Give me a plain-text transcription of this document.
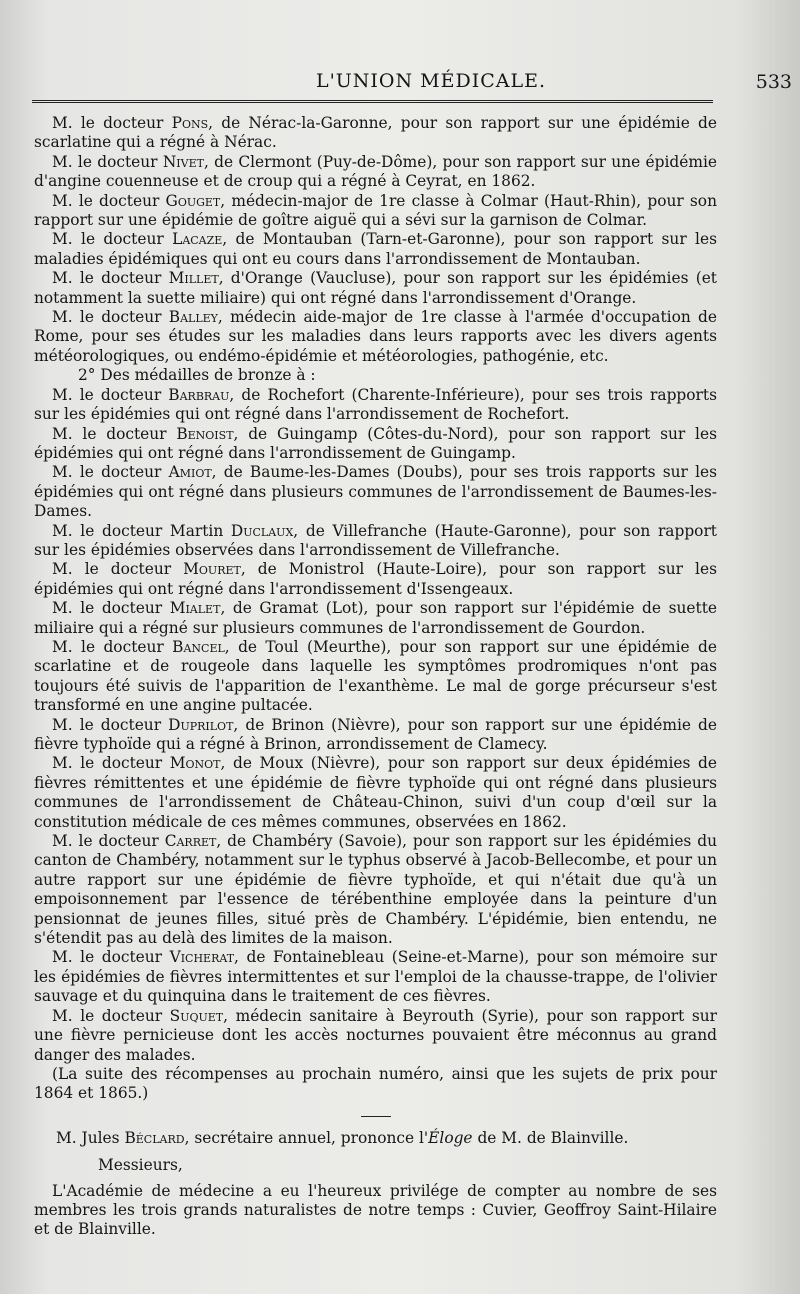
L'UNION MÉDICALE.	533

M. le docteur Pons, de Nérac-la-Garonne, pour son rapport sur une épidémie de scarlatine qui a régné à Nérac.

M. le docteur Nivet, de Clermont (Puy-de-Dôme), pour son rapport sur une épidémie d'angine couenneuse et de croup qui a régné à Ceyrat, en 1862.

M. le docteur Gouget, médecin-major de 1re classe à Colmar (Haut-Rhin), pour son rapport sur une épidémie de goître aiguë qui a sévi sur la garnison de Colmar.

M. le docteur Lacaze, de Montauban (Tarn-et-Garonne), pour son rapport sur les maladies épidémiques qui ont eu cours dans l'arrondissement de Montauban.

M. le docteur Millet, d'Orange (Vaucluse), pour son rapport sur les épidémies (et notamment la suette miliaire) qui ont régné dans l'arrondissement d'Orange.

M. le docteur Balley, médecin aide-major de 1re classe à l'armée d'occupation de Rome, pour ses études sur les maladies dans leurs rapports avec les divers agents météorologiques, ou endémo-épidémie et météorologies, pathogénie, etc.

2° Des médailles de bronze à :

M. le docteur Barbrau, de Rochefort (Charente-Inférieure), pour ses trois rapports sur les épidémies qui ont régné dans l'arrondissement de Rochefort.

M. le docteur Benoist, de Guingamp (Côtes-du-Nord), pour son rapport sur les épidémies qui ont régné dans l'arrondissement de Guingamp.

M. le docteur Amiot, de Baume-les-Dames (Doubs), pour ses trois rapports sur les épidémies qui ont régné dans plusieurs communes de l'arrondissement de Baumes-les-Dames.

M. le docteur Martin Duclaux, de Villefranche (Haute-Garonne), pour son rapport sur les épidémies observées dans l'arrondissement de Villefranche.

M. le docteur Mouret, de Monistrol (Haute-Loire), pour son rapport sur les épidémies qui ont régné dans l'arrondissement d'Issengeaux.

M. le docteur Mialet, de Gramat (Lot), pour son rapport sur l'épidémie de suette miliaire qui a régné sur plusieurs communes de l'arrondissement de Gourdon.

M. le docteur Bancel, de Toul (Meurthe), pour son rapport sur une épidémie de scarlatine et de rougeole dans laquelle les symptômes prodromiques n'ont pas toujours été suivis de l'apparition de l'exanthème. Le mal de gorge précurseur s'est transformé en une angine pultacée.

M. le docteur Duprilot, de Brinon (Nièvre), pour son rapport sur une épidémie de fièvre typhoïde qui a régné à Brinon, arrondissement de Clamecy.

M. le docteur Monot, de Moux (Nièvre), pour son rapport sur deux épidémies de fièvres rémittentes et une épidémie de fièvre typhoïde qui ont régné dans plusieurs communes de l'arrondissement de Château-Chinon, suivi d'un coup d'œil sur la constitution médicale de ces mêmes communes, observées en 1862.

M. le docteur Carret, de Chambéry (Savoie), pour son rapport sur les épidémies du canton de Chambéry, notamment sur le typhus observé à Jacob-Bellecombe, et pour un autre rapport sur une épidémie de fièvre typhoïde, et qui n'était due qu'à un empoisonnement par l'essence de térébenthine employée dans la peinture d'un pensionnat de jeunes filles, situé près de Chambéry. L'épidémie, bien entendu, ne s'étendit pas au delà des limites de la maison.

M. le docteur Vicherat, de Fontainebleau (Seine-et-Marne), pour son mémoire sur les épidémies de fièvres intermittentes et sur l'emploi de la chausse-trappe, de l'olivier sauvage et du quinquina dans le traitement de ces fièvres.

M. le docteur Suquet, médecin sanitaire à Beyrouth (Syrie), pour son rapport sur une fièvre pernicieuse dont les accès nocturnes pouvaient être méconnus au grand danger des malades.

(La suite des récompenses au prochain numéro, ainsi que les sujets de prix pour 1864 et 1865.)

M. Jules Béclard, secrétaire annuel, prononce l'Éloge de M. de Blainville.

Messieurs,

L'Académie de médecine a eu l'heureux privilége de compter au nombre de ses membres les trois grands naturalistes de notre temps : Cuvier, Geoffroy Saint-Hilaire et de Blainville.
